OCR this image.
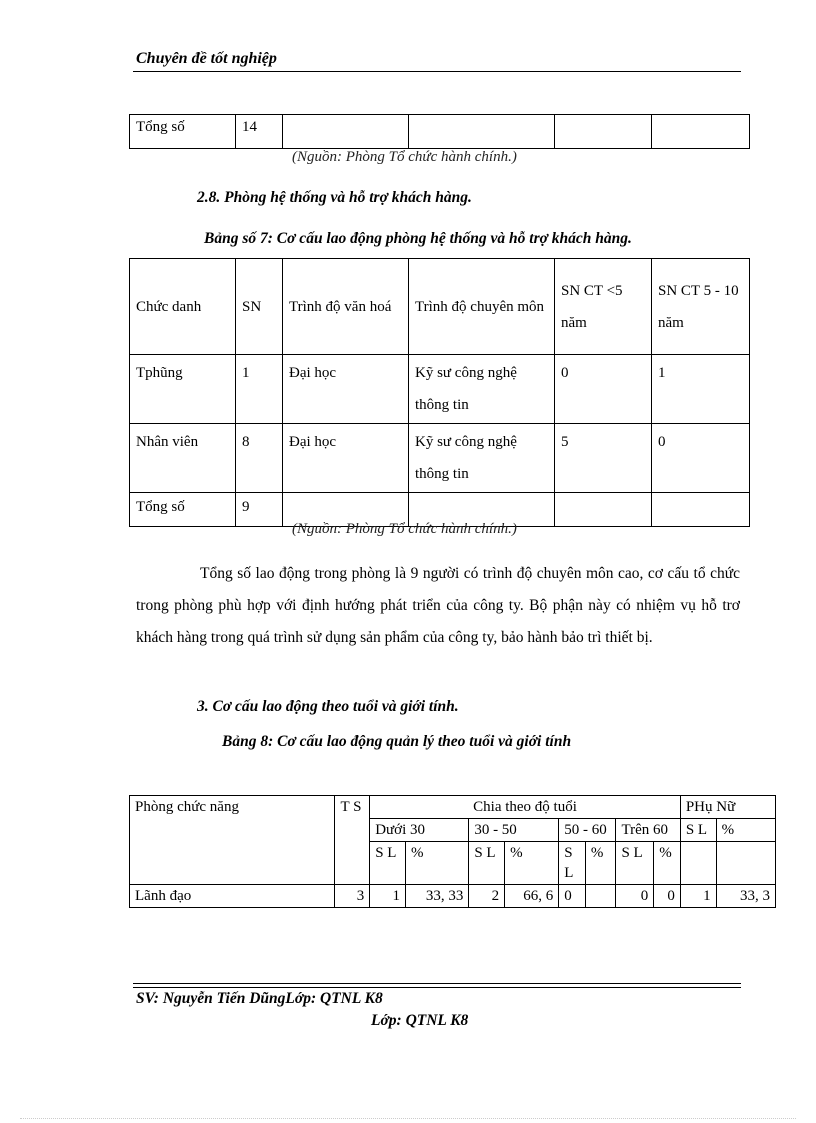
Chuyên đề tốt nghiệp
Tổng số	14				
(Nguồn: Phòng Tổ chức hành chính.)
2.8. Phòng hệ thống và hỗ trợ khách hàng.
Bảng số 7: Cơ cấu lao động phòng hệ thống và hỗ trợ khách hàng.
Chức danh	SN	Trình độ văn hoá	Trình độ chuyên môn	SN CT <5 năm	SN CT 5 - 10 năm
Tphũng	1	Đại học	Kỹ sư công nghệ thông tin	0	1
Nhân viên	8	Đại học	Kỹ sư công nghệ thông tin	5	0
Tổng số	9				
(Nguồn: Phòng Tổ chức hành chính.)
Tổng số lao động trong phòng là 9 người có trình độ chuyên môn cao, cơ cấu tổ chức trong phòng phù hợp với định hướng phát triển của công ty. Bộ phận này có nhiệm vụ hỗ trơ khách hàng trong quá trình sử dụng sản phẩm của công ty, bảo hành bảo trì thiết bị.
3. Cơ cấu lao động theo tuổi và giới tính.
Bảng 8: Cơ cấu lao động quản lý theo tuổi và giới tính
Phòng chức năng	T S	Chia theo độ tuổi								PHụ Nữ	
		Dưới 30		30 - 50		50 - 60		Trên 60		S L	%
		S L	%	S L	%	S L	%	S L	%		
Lãnh đạo	3	1	33, 33	2	66, 6	0		0	0	1	33, 3
SV: Nguyễn Tiến DũngLớp: QTNL K8
Lớp: QTNL K8
